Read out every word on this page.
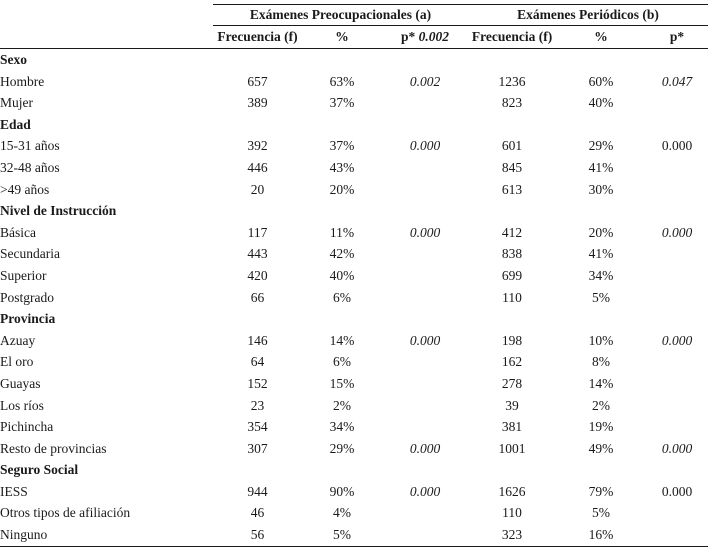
	Exámenes Preocupacionales (a)			Exámenes Periódicos (b)		
	Frecuencia (f)	%	p* 0.002	Frecuencia (f)	%	p*
Sexo						
Hombre	657	63%	0.002	1236	60%	0.047
Mujer	389	37%		823	40%	
Edad						
15-31 años	392	37%	0.000	601	29%	0.000
32-48 años	446	43%		845	41%	
>49 años	20	20%		613	30%	
Nivel de Instrucción						
Básica	117	11%	0.000	412	20%	0.000
Secundaria	443	42%		838	41%	
Superior	420	40%		699	34%	
Postgrado	66	6%		110	5%	
Provincia						
Azuay	146	14%	0.000	198	10%	0.000
El oro	64	6%		162	8%	
Guayas	152	15%		278	14%	
Los ríos	23	2%		39	2%	
Pichincha	354	34%		381	19%	
Resto de provincias	307	29%	0.000	1001	49%	0.000
Seguro Social						
IESS	944	90%	0.000	1626	79%	0.000
Otros tipos de afiliación	46	4%		110	5%	
Ninguno	56	5%		323	16%	
